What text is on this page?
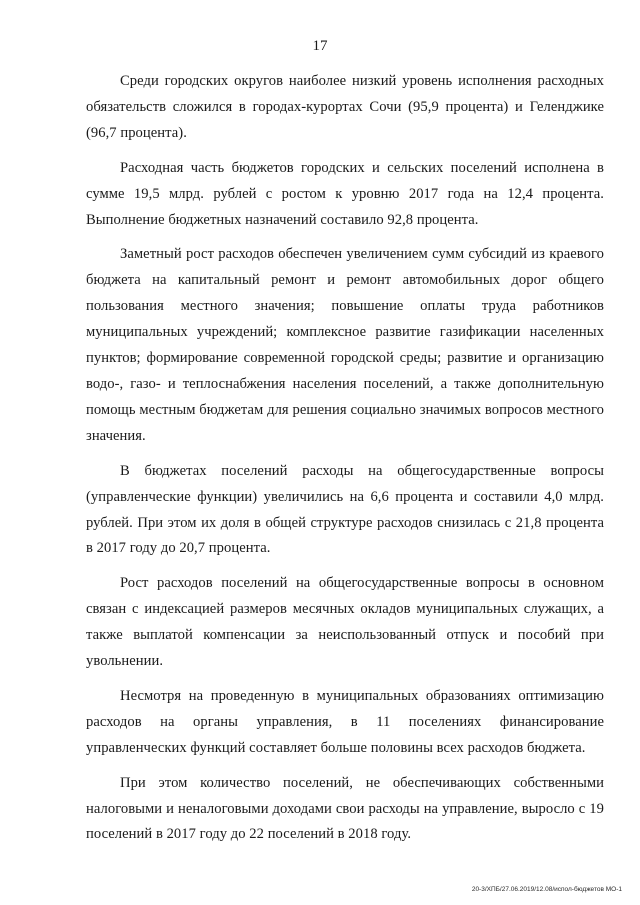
17

Среди городских округов наиболее низкий уровень исполнения расходных обязательств сложился в городах-курортах Сочи (95,9 процента) и Геленджике (96,7 процента).

Расходная часть бюджетов городских и сельских поселений исполнена в сумме 19,5 млрд. рублей с ростом к уровню 2017 года на 12,4 процента. Выполнение бюджетных назначений составило 92,8 процента.

Заметный рост расходов обеспечен увеличением сумм субсидий из краевого бюджета на капитальный ремонт и ремонт автомобильных дорог общего пользования местного значения; повышение оплаты труда работников муниципальных учреждений; комплексное развитие газификации населенных пунктов; формирование современной городской среды; развитие и организацию водо-, газо- и теплоснабжения населения поселений, а также дополнительную помощь местным бюджетам для решения социально значимых вопросов местного значения.

В бюджетах поселений расходы на общегосударственные вопросы (управленческие функции) увеличились на 6,6 процента и составили 4,0 млрд. рублей. При этом их доля в общей структуре расходов снизилась с 21,8 процента в 2017 году до 20,7 процента.

Рост расходов поселений на общегосударственные вопросы в основном связан с индексацией размеров месячных окладов муниципальных служащих, а также выплатой компенсации за неиспользованный отпуск и пособий при увольнении.

Несмотря на проведенную в муниципальных образованиях оптимизацию расходов на органы управления, в 11 поселениях финансирование управленческих функций составляет больше половины всех расходов бюджета.

При этом количество поселений, не обеспечивающих собственными налоговыми и неналоговыми доходами свои расходы на управление, выросло с 19 поселений в 2017 году до 22 поселений в 2018 году.

20-3/ХПБ/27.06.2019/12.08/испол-бюджетов МО-1
